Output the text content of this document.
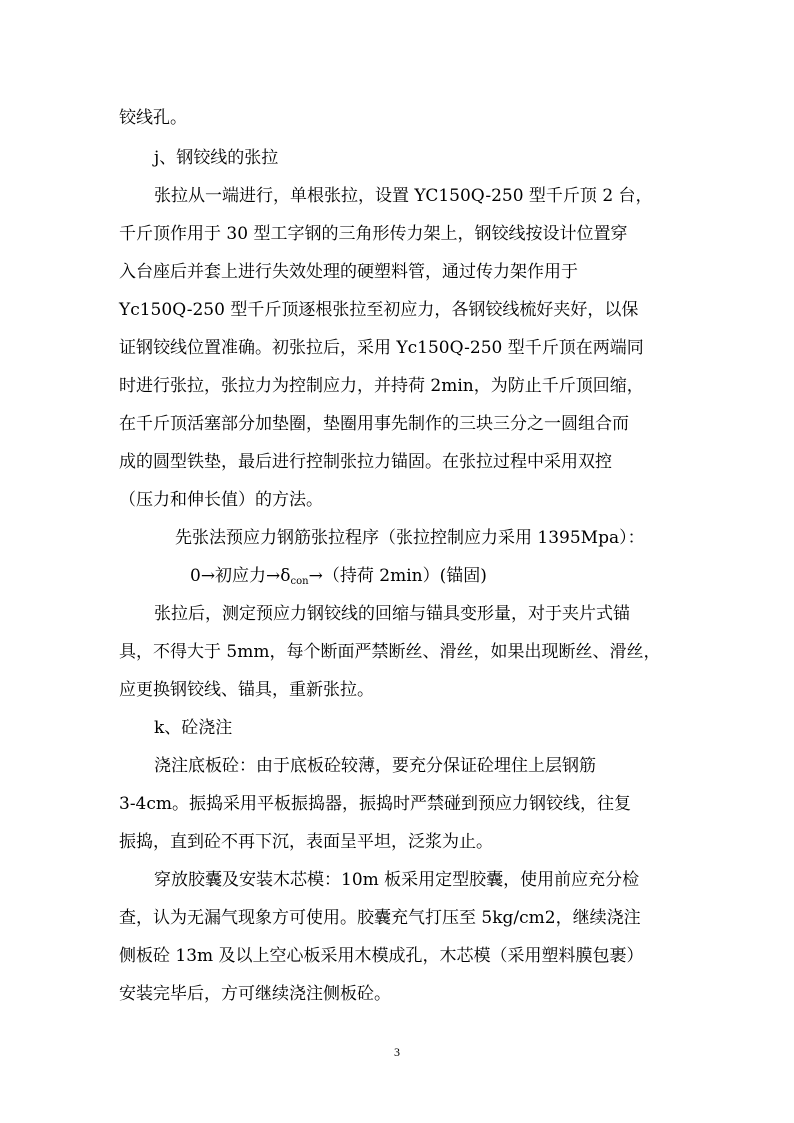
铰线孔。
j、钢铰线的张拉
张拉从一端进行，单根张拉，设置 YC150Q-250 型千斤顶 2 台，
千斤顶作用于 30 型工字钢的三角形传力架上，钢铰线按设计位置穿
入台座后并套上进行失效处理的硬塑料管，通过传力架作用于
Yc150Q-250 型千斤顶逐根张拉至初应力，各钢铰线梳好夹好，以保
证钢铰线位置准确。初张拉后，采用 Yc150Q-250 型千斤顶在两端同
时进行张拉，张拉力为控制应力，并持荷 2min，为防止千斤顶回缩，
在千斤顶活塞部分加垫圈，垫圈用事先制作的三块三分之一圆组合而
成的圆型铁垫，最后进行控制张拉力锚固。在张拉过程中采用双控
（压力和伸长值）的方法。
先张法预应力钢筋张拉程序（张拉控制应力采用 1395Mpa）：
0→初应力$\to\delta_{con}\to$（持荷 2min）(锚固)
张拉后，测定预应力钢铰线的回缩与锚具变形量，对于夹片式锚
具，不得大于 5mm，每个断面严禁断丝、滑丝，如果出现断丝、滑丝，
应更换钢铰线、锚具，重新张拉。
k、砼浇注
浇注底板砼：由于底板砼较薄，要充分保证砼埋住上层钢筋
3-4cm。振捣采用平板振捣器，振捣时严禁碰到预应力钢铰线，往复
振捣，直到砼不再下沉，表面呈平坦，泛浆为止。
穿放胶囊及安装木芯模：10m 板采用定型胶囊，使用前应充分检
查，认为无漏气现象方可使用。胶囊充气打压至 5kg/cm2，继续浇注
侧板砼 13m 及以上空心板采用木模成孔，木芯模（采用塑料膜包裹）
安装完毕后，方可继续浇注侧板砼。
3
